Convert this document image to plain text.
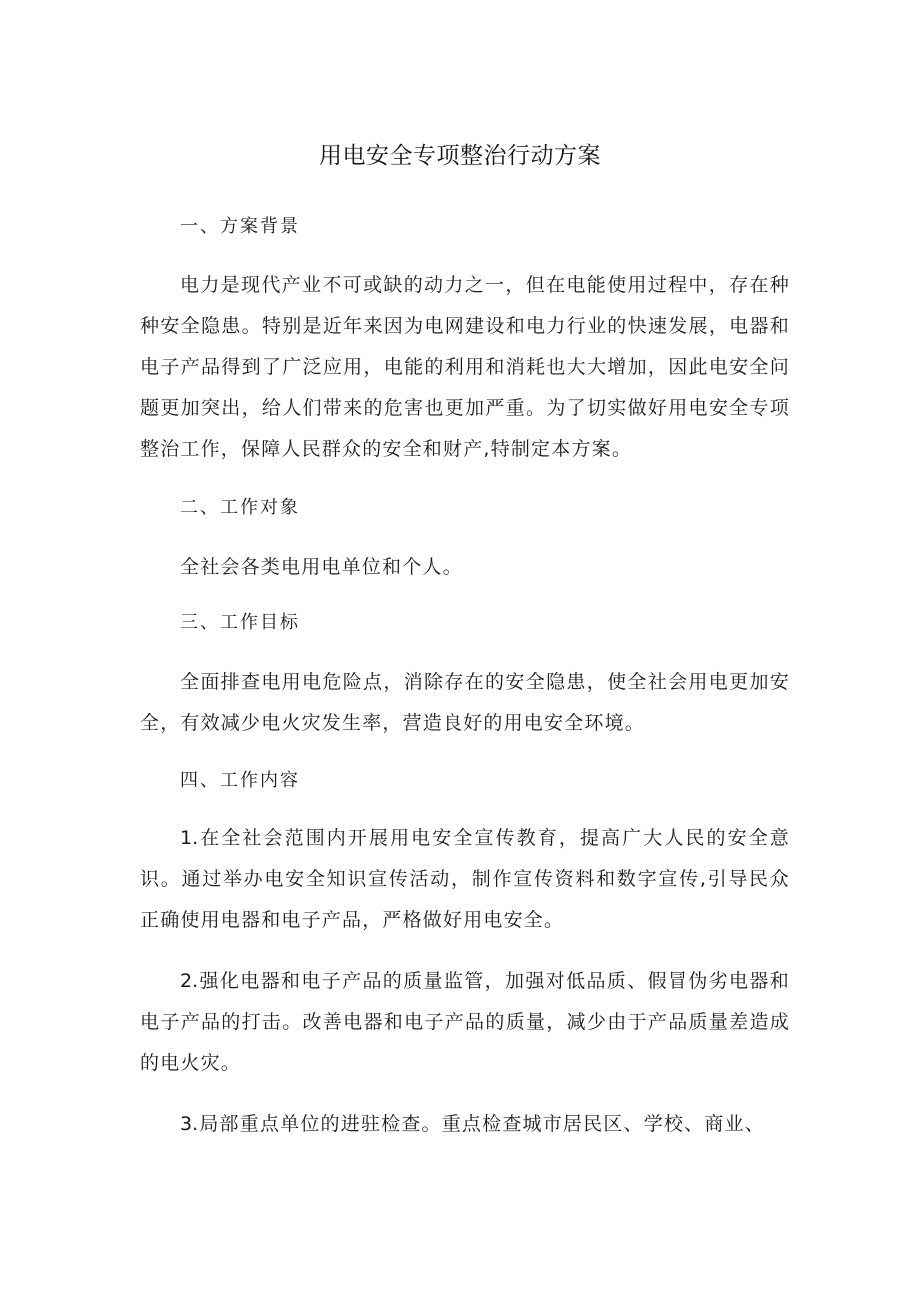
用电安全专项整治行动方案
一、方案背景
电力是现代产业不可或缺的动力之一，但在电能使用过程中，存在种种安全隐患。特别是近年来因为电网建设和电力行业的快速发展，电器和电子产品得到了广泛应用，电能的利用和消耗也大大增加，因此电安全问题更加突出，给人们带来的危害也更加严重。为了切实做好用电安全专项整治工作，保障人民群众的安全和财产,特制定本方案。
二、工作对象
全社会各类电用电单位和个人。
三、工作目标
全面排查电用电危险点，消除存在的安全隐患，使全社会用电更加安全，有效减少电火灾发生率，营造良好的用电安全环境。
四、工作内容
1.在全社会范围内开展用电安全宣传教育，提高广大人民的安全意识。通过举办电安全知识宣传活动，制作宣传资料和数字宣传,引导民众正确使用电器和电子产品，严格做好用电安全。
2.强化电器和电子产品的质量监管，加强对低品质、假冒伪劣电器和电子产品的打击。改善电器和电子产品的质量，减少由于产品质量差造成的电火灾。
3.局部重点单位的进驻检查。重点检查城市居民区、学校、商业、
